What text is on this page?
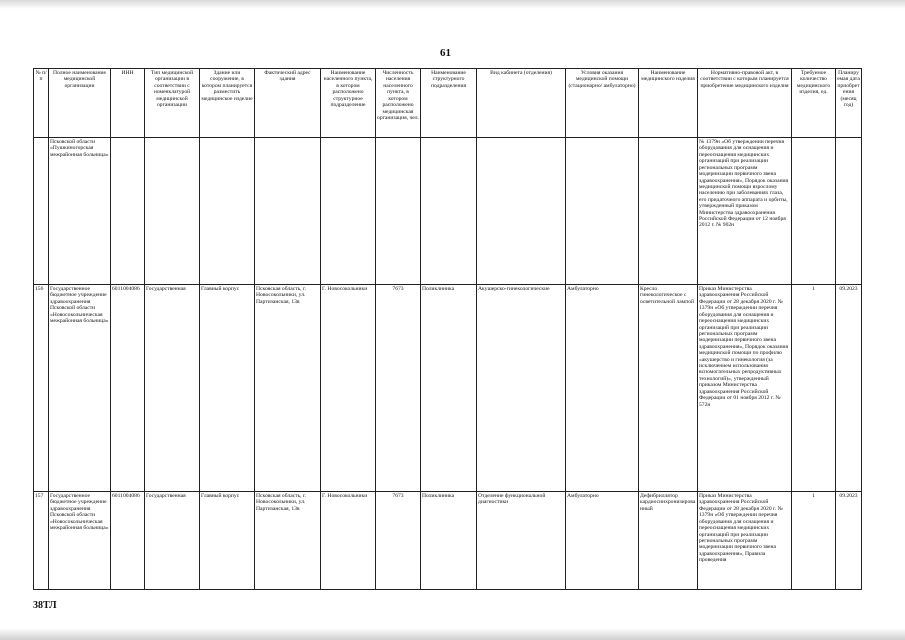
61
№ п/п	Полное наименование медицинской организации	ИНН	Тип медицинской организации в соответствии с номенклатурой медицинской организации	Здание или сооружение, в котором планируется разместить медицинское изделие	Фактический адрес здания	Наименование населенного пункта, в котором расположено структурное подразделение	Численность населения населенного пункта, в котором расположено медицинская организация, чел.	Наименование структурного подразделения	Вид кабинета (отделения)	Условия оказания медицинской помощи (стационарно/ амбулаторно)	Наименование медицинского изделия	Нормативно-правовой акт, в соответствии с которым планируется приобретение медицинского изделия	Требуемое количество медицинского изделия, ед.	Планируемая дата приобретения (месяц год)
	Псковской области «Пушкиногорская межрайонная больница»											№ 1379н «Об утверждении перечня оборудования для оснащения и переоснащения медицинских организаций при реализации региональных программ модернизации первичного звена здравоохранения», Порядок оказания медицинской помощи взрослому населению при заболеваниях глаза, его придаточного аппарата и орбиты, утвержденный приказом Министерства здравоохранения Российской Федерации от 12 ноября 2012 г. № 902н		
156	Государственное бюджетное учреждение здравоохранения Псковской области «Новосокольническая межрайонная больница»	6011004086	Государственная	Главный корпус	Псковская область, г. Новосокольники, ул. Партизанская, 13в	Г. Новосокольники	7673	Поликлиника	Акушерско-гинекологические	Амбулаторно	Кресло гинекологическое с осветительной лампой	Приказ Министерства здравоохранения Российской Федерации от 28 декабря 2020 г. № 1379н «Об утверждении перечня оборудования для оснащения и переоснащения медицинских организаций при реализации региональных программ модернизации первичного звена здравоохранения», Порядок оказания медицинской помощи по профилю «акушерство и гинекология (за исключением использования вспомогательных репродуктивных технологий)», утвержденный приказом Министерства здравоохранения Российской Федерации от 01 ноября 2012 г. № 572н	1	09.2023
157	Государственное бюджетное учреждение здравоохранения Псковской области «Новосокольническая межрайонная больница»	6011004086	Государственная	Главный корпус	Псковская область, г. Новосокольники, ул. Партизанская, 13в	Г. Новосокольники	7673	Поликлиника	Отделение функциональной диагностики	Амбулаторно	Дефибриллятор кардиосинхронизированный	Приказ Министерства здравоохранения Российской Федерации от 28 декабря 2020 г. № 1379н «Об утверждении перечня оборудования для оснащения и переоснащения медицинских организаций при реализации региональных программ модернизации первичного звена здравоохранения», Правила проведения	1	09.2023
38ТЛ
